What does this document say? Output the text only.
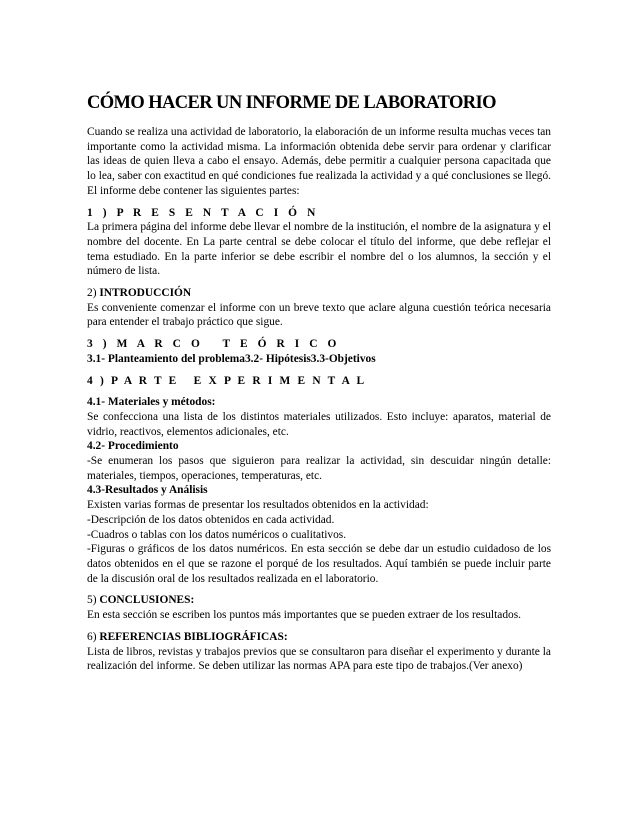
CÓMO HACER UN INFORME DE LABORATORIO

Cuando se realiza una actividad de laboratorio, la elaboración de un informe resulta muchas veces tan importante como la actividad misma. La información obtenida debe servir para ordenar y clarificar las ideas de quien lleva a cabo el ensayo. Además, debe permitir a cualquier persona capacitada que lo lea, saber con exactitud en qué condiciones fue realizada la actividad y a qué conclusiones se llegó. El informe debe contener las siguientes partes:

1 ) P R E S E N T A C I Ó N

La primera página del informe debe llevar el nombre de la institución, el nombre de la asignatura y el nombre del docente. En La parte central se debe colocar el título del informe, que debe reflejar el tema estudiado. En la parte inferior se debe escribir el nombre del o los alumnos, la sección y el número de lista.

2) INTRODUCCIÓN

Es conveniente comenzar el informe con un breve texto que aclare alguna cuestión teórica necesaria para entender el trabajo práctico que sigue.

3 ) M A R C O   T E Ó R I C O
3.1- Planteamiento del problema3.2- Hipótesis3.3-Objetivos
4 ) P A R T E   E X P E R I M E N T A L
4.1- Materiales y métodos:

Se confecciona una lista de los distintos materiales utilizados. Esto incluye: aparatos, material de vidrio, reactivos, elementos adicionales, etc.

4.2- Procedimiento

-Se enumeran los pasos que siguieron para realizar la actividad, sin descuidar ningún detalle: materiales, tiempos, operaciones, temperaturas, etc.

4.3-Resultados y Análisis

Existen varias formas de presentar los resultados obtenidos en la actividad:

-Descripción de los datos obtenidos en cada actividad.

-Cuadros o tablas con los datos numéricos o cualitativos.

-Figuras o gráficos de los datos numéricos. En esta sección se debe dar un estudio cuidadoso de los datos obtenidos en el que se razone el porqué de los resultados. Aquí también se puede incluir parte de la discusión oral de los resultados realizada en el laboratorio.

5) CONCLUSIONES:

En esta sección se escriben los puntos más importantes que se pueden extraer de los resultados.

6) REFERENCIAS BIBLIOGRÁFICAS:

Lista de libros, revistas y trabajos previos que se consultaron para diseñar el experimento y durante la realización del informe. Se deben utilizar las normas APA para este tipo de trabajos.(Ver anexo)
